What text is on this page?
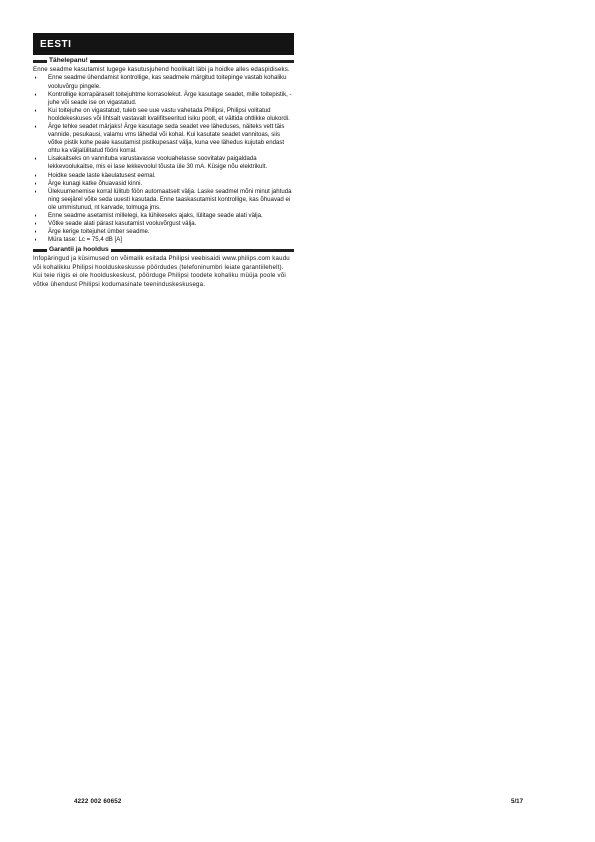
EESTI
Tähelepanu!

Enne seadme kasutamist lugege kasutusjuhend hoolikalt läbi ja hoidke alles edaspidiseks.

◗	Enne seadme ühendamist kontrollige, kas seadmele märgitud toitepinge vastab kohaliku vooluvõrgu pingele.
◗	Kontrollige korrapäraselt toitejuhtme korrasolekut. Ärge kasutage seadet, mille toitepistik, -juhe või seade ise on vigastatud.
◗	Kui toitejuhe on vigastatud, tuleb see uue vastu vahetada Philipsi, Philipsi volitatud hooldekeskuses või lihtsalt vastavalt kvalifitseeritud isiku poolt, et vältida ohtlikke olukordi.
◗	Ärge tehke seadet märjaks! Ärge kasutage seda seadet vee läheduses, näiteks vett täis vannide, pesukausi, valamu vms lähedal või kohal. Kui kasutate seadet vannitoas, siis võtke pistik kohe peale kasutamist pistikupesast välja, kuna vee lähedus kujutab endast ohtu ka väljalülitatud fööni korral.
◗	Lisakaitseks on vannituba varustavasse vooluahelasse soovitatav paigaldada lekkevoolukaitse, mis ei lase lekkevoolul tõusta üle 30 mA. Küsige nõu elektrikult.
◗	Hoidke seade laste käeulatusest eemal.
◗	Ärge kunagi katke õhuavasid kinni.
◗	Ülekuumenemise korral lülitub föön automaatselt välja. Laske seadmel mõni minut jahtuda ning seejärel võite seda uuesti kasutada. Enne taaskasutamist kontrollige, kas õhuavad ei ole ummistunud, nt karvade, tolmuga jms.
◗	Enne seadme asetamist millelegi, ka lühikeseks ajaks, lülitage seade alati välja.
◗	Võtke seade alati pärast kasutamist vooluvõrgust välja.
◗	Ärge kerige toitejuhet ümber seadme.
◗	Müra tase: Lc = 75,4 dB [A]
Garantii ja hooldus

Infopäringud ja küsimused on võimalik esitada Philipsi veebisaidi www.philips.com kaudu või kohalikku Philipsi hoolduskeskusse pöördudes (telefoninumbri leiate garantiilehelt). Kui teie riigis ei ole hoolduskeskust, pöörduge Philipsi toodete kohaliku müüja poole või võtke ühendust Philipsi kodumasinate teeninduskeskusega.

4222 002 60652	5/17
